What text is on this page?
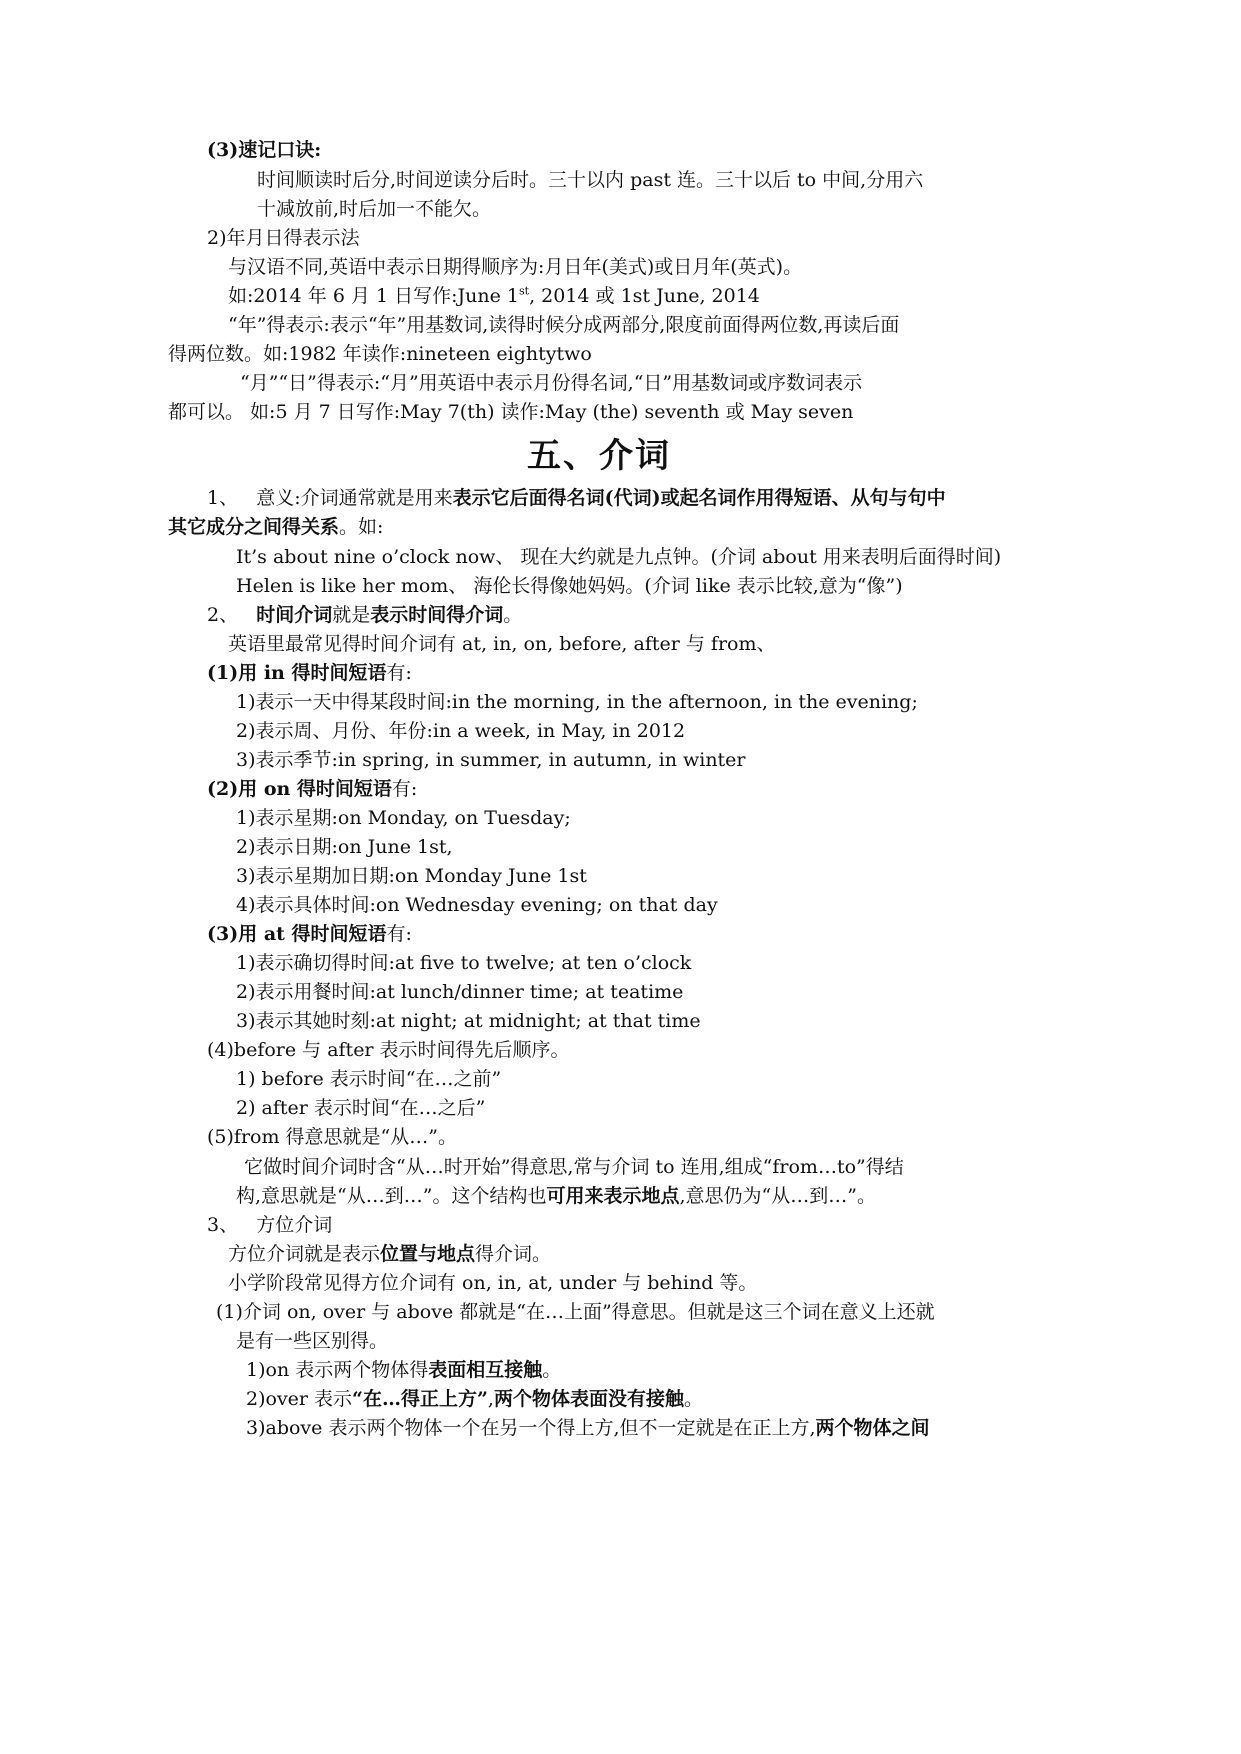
(3)速记口诀:
时间顺读时后分,时间逆读分后时。三十以内 past 连。三十以后 to 中间,分用六
十减放前,时后加一不能欠。
2)年月日得表示法
与汉语不同,英语中表示日期得顺序为:月日年(美式)或日月年(英式)。
如:2014 年 6 月 1 日写作:June 1st, 2014 或 1st June, 2014
“年”得表示:表示“年”用基数词,读得时候分成两部分,限度前面得两位数,再读后面
得两位数。如:1982 年读作:nineteen eightytwo
“月”“日”得表示:“月”用英语中表示月份得名词,“日”用基数词或序数词表示
都可以。 如:5 月 7 日写作:May 7(th) 读作:May (the) seventh 或 May seven
五、介词
1、 意义:介词通常就是用来表示它后面得名词(代词)或起名词作用得短语、从句与句中
其它成分之间得关系。如:
It’s about nine o’clock now、 现在大约就是九点钟。(介词 about 用来表明后面得时间)
Helen is like her mom、 海伦长得像她妈妈。(介词 like 表示比较,意为“像”)
2、 时间介词就是表示时间得介词。
英语里最常见得时间介词有 at, in, on, before, after 与 from、
(1)用 in 得时间短语有:
1)表示一天中得某段时间:in the morning, in the afternoon, in the evening;
2)表示周、月份、年份:in a week, in May, in 2012
3)表示季节:in spring, in summer, in autumn, in winter
(2)用 on 得时间短语有:
1)表示星期:on Monday, on Tuesday;
2)表示日期:on June 1st,
3)表示星期加日期:on Monday June 1st
4)表示具体时间:on Wednesday evening; on that day
(3)用 at 得时间短语有:
1)表示确切得时间:at five to twelve; at ten o’clock
2)表示用餐时间:at lunch/dinner time; at teatime
3)表示其她时刻:at night; at midnight; at that time
(4)before 与 after 表示时间得先后顺序。
1) before 表示时间“在…之前”
2) after 表示时间“在…之后”
(5)from 得意思就是“从…”。
它做时间介词时含“从…时开始”得意思,常与介词 to 连用,组成“from…to”得结
构,意思就是“从…到…”。这个结构也可用来表示地点,意思仍为“从…到…”。
3、 方位介词
方位介词就是表示位置与地点得介词。
小学阶段常见得方位介词有 on, in, at, under 与 behind 等。
(1)介词 on, over 与 above 都就是“在…上面”得意思。但就是这三个词在意义上还就
是有一些区别得。
1)on 表示两个物体得表面相互接触。
2)over 表示“在…得正上方”,两个物体表面没有接触。
3)above 表示两个物体一个在另一个得上方,但不一定就是在正上方,两个物体之间
